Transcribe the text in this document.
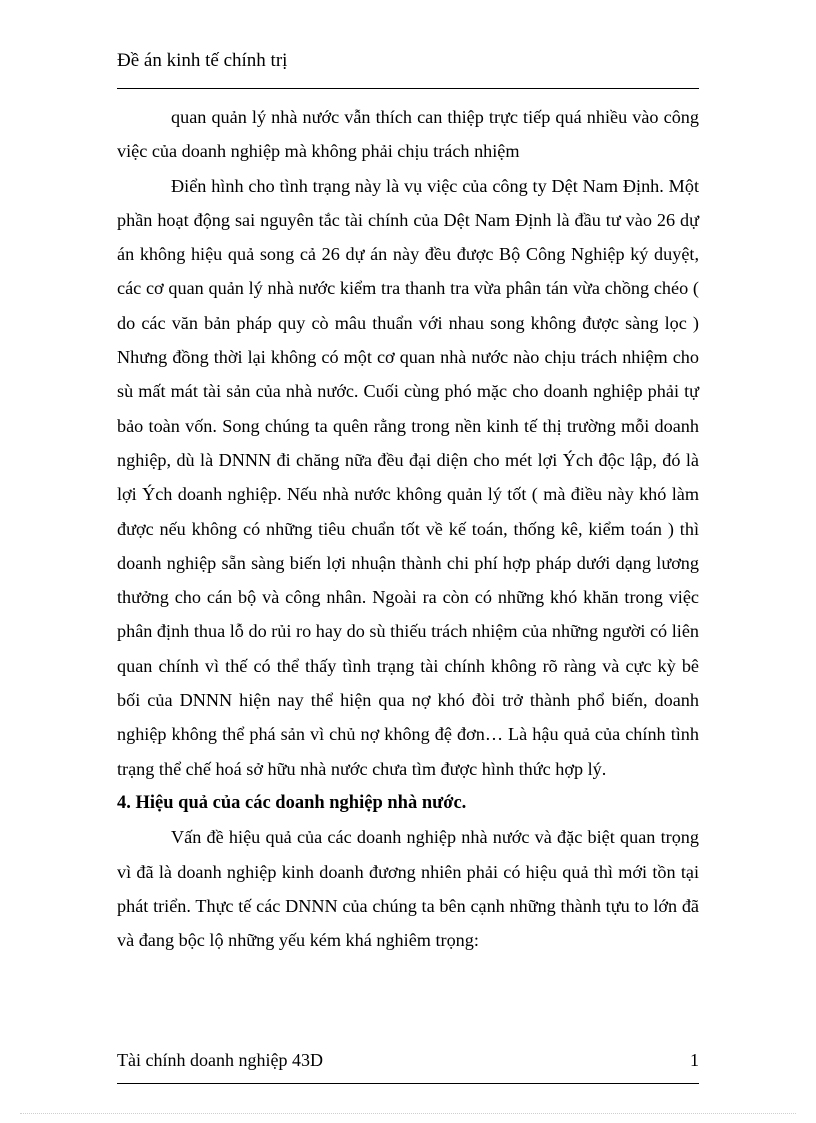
Đề án kinh tế chính trị

quan quản lý nhà nước vẫn thích can thiệp trực tiếp quá nhiều vào công việc của doanh nghiệp mà không phải chịu trách nhiệm

Điển hình cho tình trạng này là vụ việc của công ty Dệt Nam Định. Một phần hoạt động sai nguyên tắc tài chính của Dệt Nam Định là đầu tư vào 26 dự án không hiệu quả song cả 26 dự án này đều được Bộ Công Nghiệp ký duyệt, các cơ quan quản lý nhà nước kiểm tra thanh tra vừa phân tán vừa chồng chéo ( do các văn bản pháp quy cò mâu thuẩn với nhau song không được sàng lọc ) Nhưng đồng thời lại không có một cơ quan nhà nước nào chịu trách nhiệm cho sù mất mát tài sản của nhà nước. Cuối cùng phó mặc cho doanh nghiệp phải tự bảo toàn vốn. Song chúng ta quên rằng trong nền kinh tế thị trường mỗi doanh nghiệp, dù là DNNN đi chăng nữa đều đại diện cho mét lợi Ých độc lập, đó là lợi Ých doanh nghiệp. Nếu nhà nước không quản lý tốt ( mà điều này khó làm được nếu không có những tiêu chuẩn tốt về kế toán, thống kê, kiểm toán ) thì doanh nghiệp sẵn sàng biến lợi nhuận thành chi phí hợp pháp dưới dạng lương thưởng cho cán bộ và công nhân. Ngoài ra còn có những khó khăn trong việc phân định thua lỗ do rủi ro hay do sù thiếu trách nhiệm của những người có liên quan chính vì thế có thể thấy tình trạng tài chính không rõ ràng và cực kỳ bê bối của DNNN hiện nay thể hiện qua nợ khó đòi trở thành phổ biến, doanh nghiệp không thể phá sản vì chủ nợ không đệ đơn… Là hậu quả của chính tình trạng thể chế hoá sở hữu nhà nước chưa tìm được hình thức hợp lý.

4. Hiệu quả của các doanh nghiệp nhà nước.

Vấn đề hiệu quả của các doanh nghiệp nhà nước và đặc biệt quan trọng vì đã là doanh nghiệp kinh doanh đương nhiên phải có hiệu quả thì mới tồn tại phát triển. Thực tế các DNNN của chúng ta bên cạnh những thành tựu to lớn đã và đang bộc lộ những yếu kém khá nghiêm trọng:

Tài chính doanh nghiệp 43D	1
